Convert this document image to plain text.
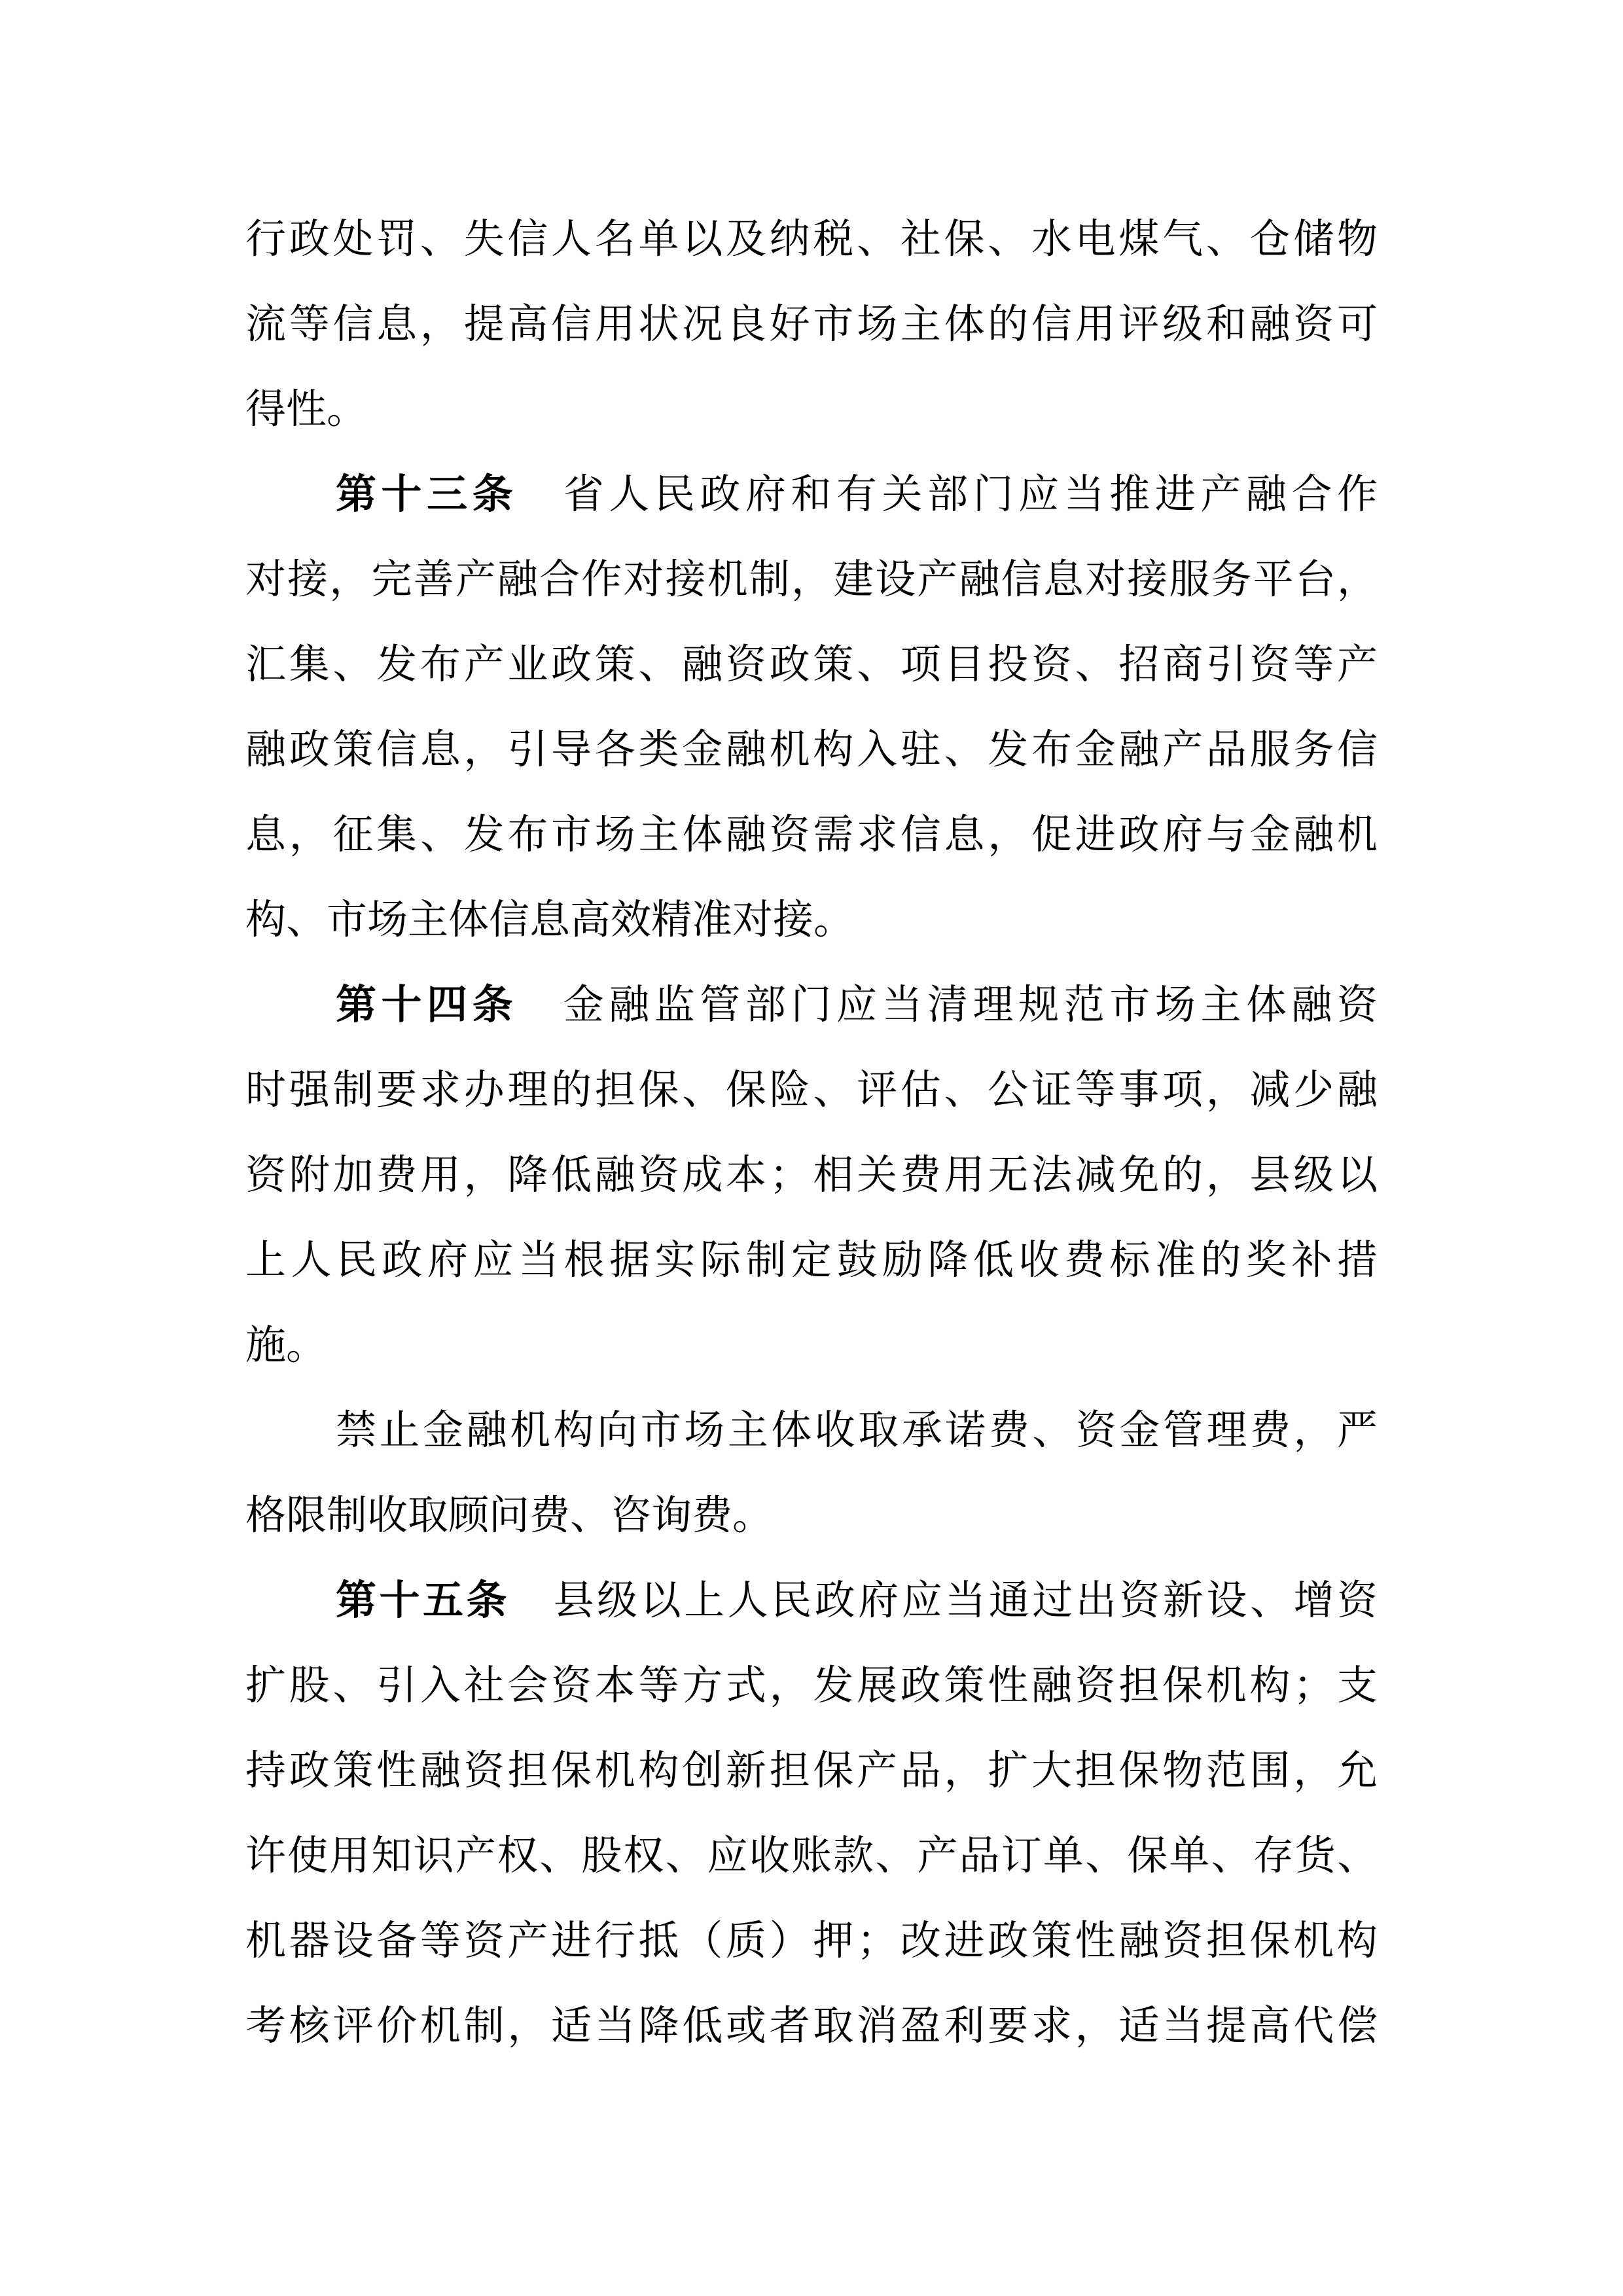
行政处罚、失信人名单以及纳税、社保、水电煤气、仓储物
流等信息，提高信用状况良好市场主体的信用评级和融资可
得性。
第十三条　省人民政府和有关部门应当推进产融合作
对接，完善产融合作对接机制，建设产融信息对接服务平台，
汇集、发布产业政策、融资政策、项目投资、招商引资等产
融政策信息，引导各类金融机构入驻、发布金融产品服务信
息，征集、发布市场主体融资需求信息，促进政府与金融机
构、市场主体信息高效精准对接。
第十四条　金融监管部门应当清理规范市场主体融资
时强制要求办理的担保、保险、评估、公证等事项，减少融
资附加费用，降低融资成本；相关费用无法减免的，县级以
上人民政府应当根据实际制定鼓励降低收费标准的奖补措
施。
禁止金融机构向市场主体收取承诺费、资金管理费，严
格限制收取顾问费、咨询费。
第十五条　县级以上人民政府应当通过出资新设、增资
扩股、引入社会资本等方式，发展政策性融资担保机构；支
持政策性融资担保机构创新担保产品，扩大担保物范围，允
许使用知识产权、股权、应收账款、产品订单、保单、存货、
机器设备等资产进行抵（质）押；改进政策性融资担保机构
考核评价机制，适当降低或者取消盈利要求，适当提高代偿
